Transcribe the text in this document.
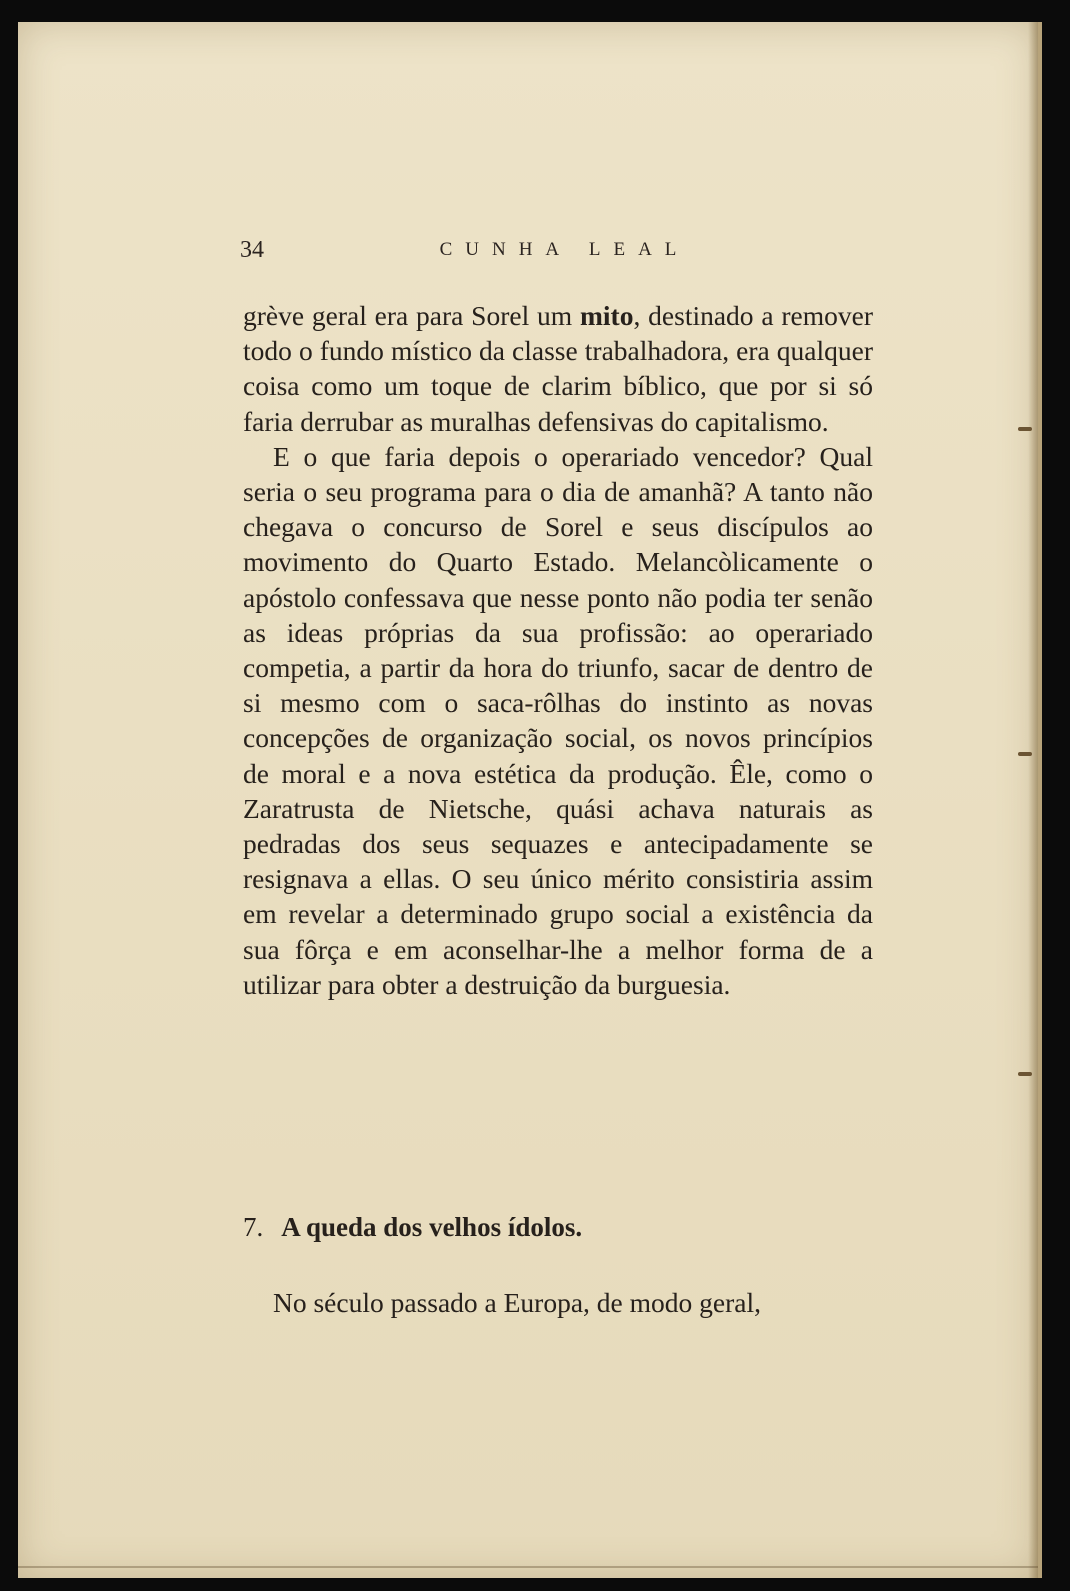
34	CUNHA LEAL

grève geral era para Sorel um mito, destinado a remover todo o fundo místico da classe trabalhadora, era qualquer coisa como um toque de clarim bíblico, que por si só faria derrubar as muralhas defensivas do capitalismo.

E o que faria depois o operariado vencedor? Qual seria o seu programa para o dia de amanhã? A tanto não chegava o concurso de Sorel e seus discípulos ao movimento do Quarto Estado. Melancòlicamente o apóstolo confessava que nesse ponto não podia ter senão as ideas próprias da sua profissão: ao operariado competia, a partir da hora do triunfo, sacar de dentro de si mesmo com o saca-rôlhas do instinto as novas concepções de organização social, os novos princípios de moral e a nova estética da produção. Êle, como o Zaratrusta de Nietsche, quási achava naturais as pedradas dos seus sequazes e antecipadamente se resignava a ellas. O seu único mérito consistiria assim em revelar a determinado grupo social a existência da sua fôrça e em aconselhar-lhe a melhor forma de a utilizar para obter a destruição da burguesia.

7. A queda dos velhos ídolos.

No século passado a Europa, de modo geral,
